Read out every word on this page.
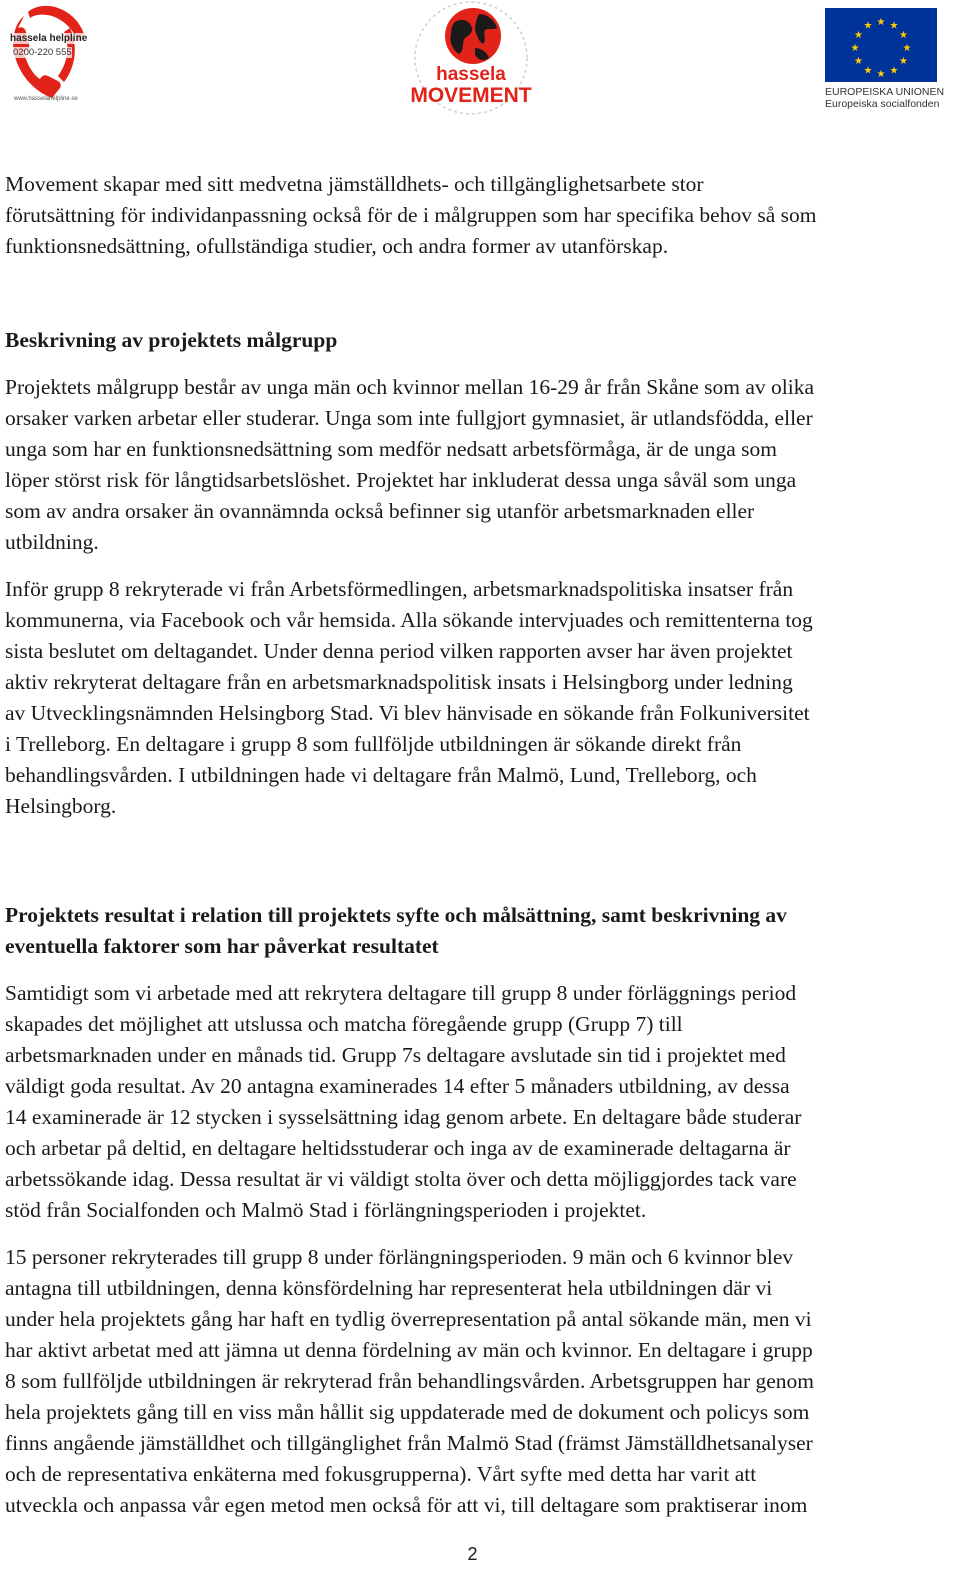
hassela helpline
0200-220 555
www.hasselahelpline.se
hassela
MOVEMENT
★ ★
★
★
★
★
★
★
★
★
★
★
EUROPEISKA UNIONEN
Europeiska socialfonden

Movement skapar med sitt medvetna jämställdhets- och tillgänglighetsarbete stor
förutsättning för individanpassning också för de i målgruppen som har specifika behov så som
funktionsnedsättning, ofullständiga studier, och andra former av utanförskap.

Beskrivning av projektets målgrupp

Projektets målgrupp består av unga män och kvinnor mellan 16-29 år från Skåne som av olika
orsaker varken arbetar eller studerar. Unga som inte fullgjort gymnasiet, är utlandsfödda, eller
unga som har en funktionsnedsättning som medför nedsatt arbetsförmåga, är de unga som
löper störst risk för långtidsarbetslöshet. Projektet har inkluderat dessa unga såväl som unga
som av andra orsaker än ovannämnda också befinner sig utanför arbetsmarknaden eller
utbildning.

Inför grupp 8 rekryterade vi från Arbetsförmedlingen, arbetsmarknadspolitiska insatser från
kommunerna, via Facebook och vår hemsida. Alla sökande intervjuades och remittenterna tog
sista beslutet om deltagandet. Under denna period vilken rapporten avser har även projektet
aktiv rekryterat deltagare från en arbetsmarknadspolitisk insats i Helsingborg under ledning
av Utvecklingsnämnden Helsingborg Stad. Vi blev hänvisade en sökande från Folkuniversitet
i Trelleborg. En deltagare i grupp 8 som fullföljde utbildningen är sökande direkt från
behandlingsvården. I utbildningen hade vi deltagare från Malmö, Lund, Trelleborg, och
Helsingborg.

Projektets resultat i relation till projektets syfte och målsättning, samt beskrivning av
eventuella faktorer som har påverkat resultatet

Samtidigt som vi arbetade med att rekrytera deltagare till grupp 8 under förläggnings period
skapades det möjlighet att utslussa och matcha föregående grupp (Grupp 7) till
arbetsmarknaden under en månads tid. Grupp 7s deltagare avslutade sin tid i projektet med
väldigt goda resultat. Av 20 antagna examinerades 14 efter 5 månaders utbildning, av dessa
14 examinerade är 12 stycken i sysselsättning idag genom arbete. En deltagare både studerar
och arbetar på deltid, en deltagare heltidsstuderar och inga av de examinerade deltagarna är
arbetssökande idag. Dessa resultat är vi väldigt stolta över och detta möjliggjordes tack vare
stöd från Socialfonden och Malmö Stad i förlängningsperioden i projektet.

15 personer rekryterades till grupp 8 under förlängningsperioden. 9 män och 6 kvinnor blev
antagna till utbildningen, denna könsfördelning har representerat hela utbildningen där vi
under hela projektets gång har haft en tydlig överrepresentation på antal sökande män, men vi
har aktivt arbetat med att jämna ut denna fördelning av män och kvinnor. En deltagare i grupp
8 som fullföljde utbildningen är rekryterad från behandlingsvården. Arbetsgruppen har genom
hela projektets gång till en viss mån hållit sig uppdaterade med de dokument och policys som
finns angående jämställdhet och tillgänglighet från Malmö Stad (främst Jämställdhetsanalyser
och de representativa enkäterna med fokusgrupperna). Vårt syfte med detta har varit att
utveckla och anpassa vår egen metod men också för att vi, till deltagare som praktiserar inom

2
